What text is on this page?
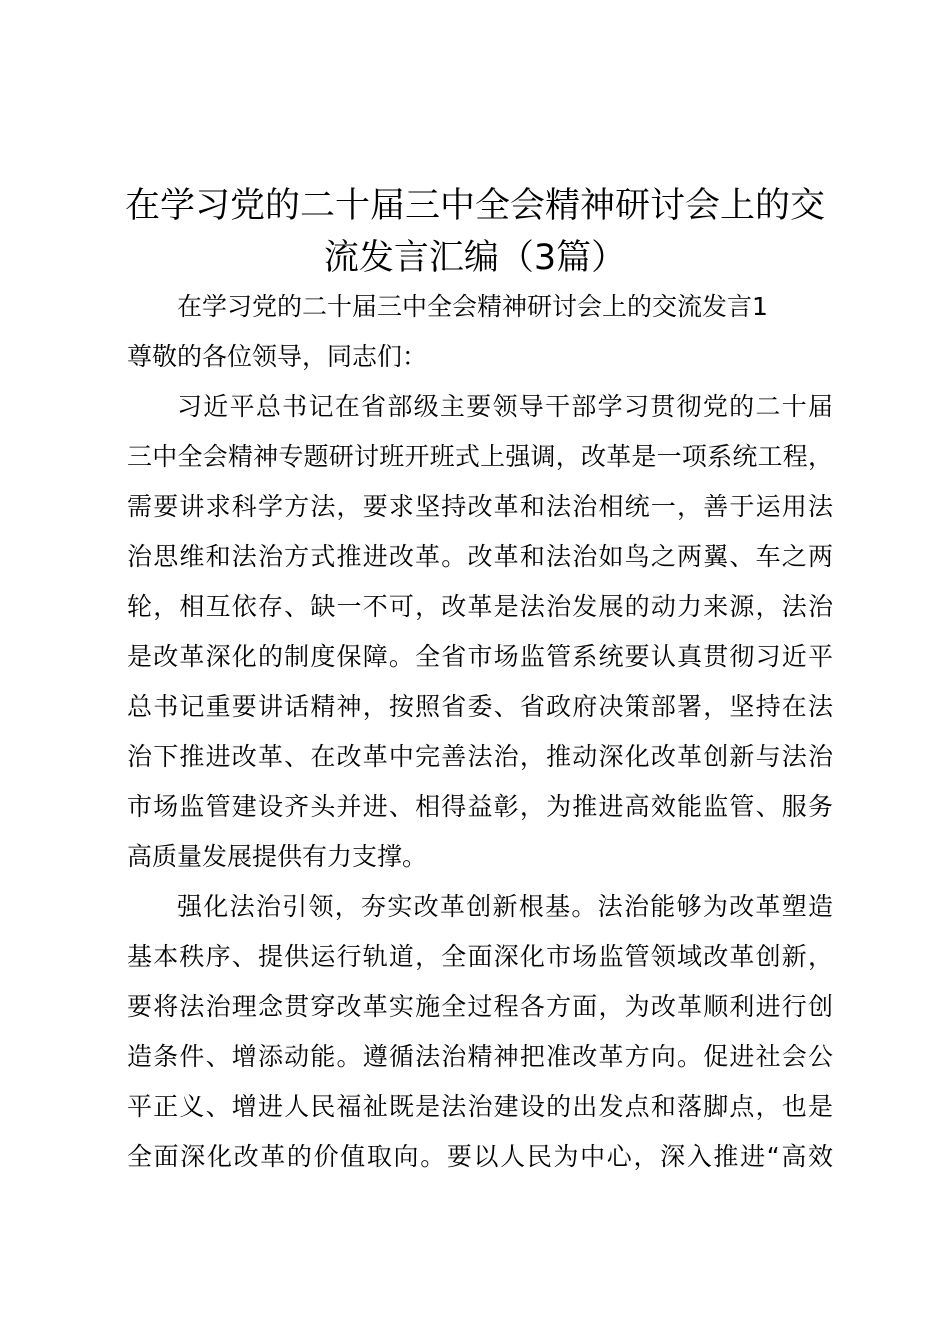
在学习党的二十届三中全会精神研讨会上的交
流发言汇编（3篇）
在学习党的二十届三中全会精神研讨会上的交流发言1
尊敬的各位领导，同志们：
习近平总书记在省部级主要领导干部学习贯彻党的二十届
三中全会精神专题研讨班开班式上强调，改革是一项系统工程，
需要讲求科学方法，要求坚持改革和法治相统一，善于运用法
治思维和法治方式推进改革。改革和法治如鸟之两翼、车之两
轮，相互依存、缺一不可，改革是法治发展的动力来源，法治
是改革深化的制度保障。全省市场监管系统要认真贯彻习近平
总书记重要讲话精神，按照省委、省政府决策部署，坚持在法
治下推进改革、在改革中完善法治，推动深化改革创新与法治
市场监管建设齐头并进、相得益彰，为推进高效能监管、服务
高质量发展提供有力支撑。
强化法治引领，夯实改革创新根基。法治能够为改革塑造
基本秩序、提供运行轨道，全面深化市场监管领域改革创新，
要将法治理念贯穿改革实施全过程各方面，为改革顺利进行创
造条件、增添动能。遵循法治精神把准改革方向。促进社会公
平正义、增进人民福祉既是法治建设的出发点和落脚点，也是
全面深化改革的价值取向。要以人民为中心，深入推进“高效
